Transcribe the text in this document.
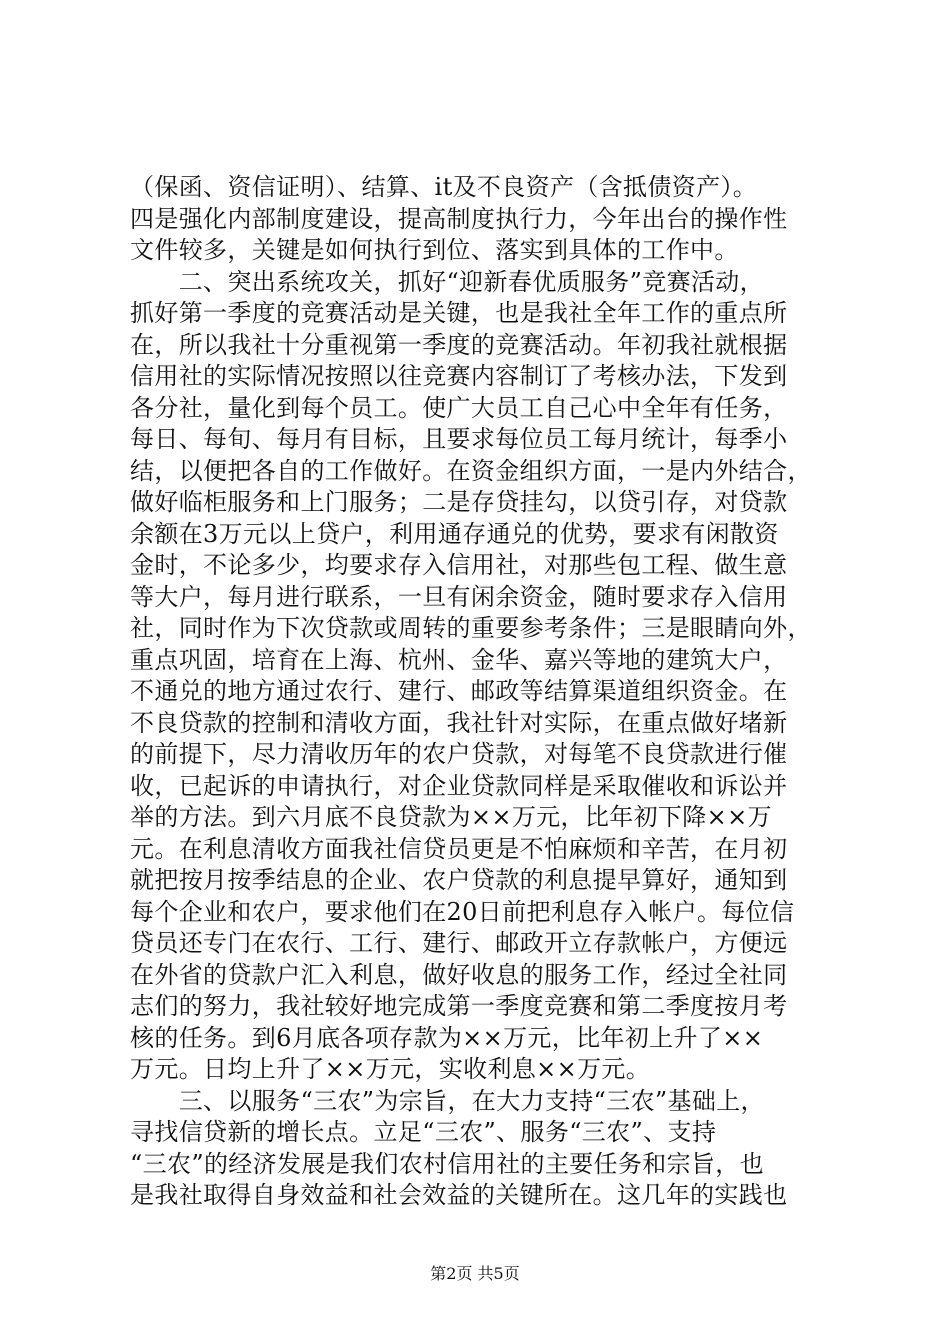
（保函、资信证明）、结算、it及不良资产（含抵债资产）。
四是强化内部制度建设，提高制度执行力，今年出台的操作性
文件较多，关键是如何执行到位、落实到具体的工作中。
　　二、突出系统攻关，抓好“迎新春优质服务”竞赛活动，
抓好第一季度的竞赛活动是关键，也是我社全年工作的重点所
在，所以我社十分重视第一季度的竞赛活动。年初我社就根据
信用社的实际情况按照以往竞赛内容制订了考核办法，下发到
各分社，量化到每个员工。使广大员工自己心中全年有任务，
每日、每旬、每月有目标，且要求每位员工每月统计，每季小
结，以便把各自的工作做好。在资金组织方面，一是内外结合，
做好临柜服务和上门服务；二是存贷挂勾，以贷引存，对贷款
余额在3万元以上贷户，利用通存通兑的优势，要求有闲散资
金时，不论多少，均要求存入信用社，对那些包工程、做生意
等大户，每月进行联系，一旦有闲余资金，随时要求存入信用
社，同时作为下次贷款或周转的重要参考条件；三是眼睛向外，
重点巩固，培育在上海、杭州、金华、嘉兴等地的建筑大户，
不通兑的地方通过农行、建行、邮政等结算渠道组织资金。在
不良贷款的控制和清收方面，我社针对实际，在重点做好堵新
的前提下，尽力清收历年的农户贷款，对每笔不良贷款进行催
收，已起诉的申请执行，对企业贷款同样是采取催收和诉讼并
举的方法。到六月底不良贷款为××万元，比年初下降××万
元。在利息清收方面我社信贷员更是不怕麻烦和辛苦，在月初
就把按月按季结息的企业、农户贷款的利息提早算好，通知到
每个企业和农户，要求他们在20日前把利息存入帐户。每位信
贷员还专门在农行、工行、建行、邮政开立存款帐户，方便远
在外省的贷款户汇入利息，做好收息的服务工作，经过全社同
志们的努力，我社较好地完成第一季度竞赛和第二季度按月考
核的任务。到6月底各项存款为××万元，比年初上升了××
万元。日均上升了××万元，实收利息××万元。
　　三、以服务“三农”为宗旨，在大力支持“三农”基础上，
寻找信贷新的增长点。立足“三农”、服务“三农”、支持
“三农”的经济发展是我们农村信用社的主要任务和宗旨，也
是我社取得自身效益和社会效益的关键所在。这几年的实践也
第2页 共5页
